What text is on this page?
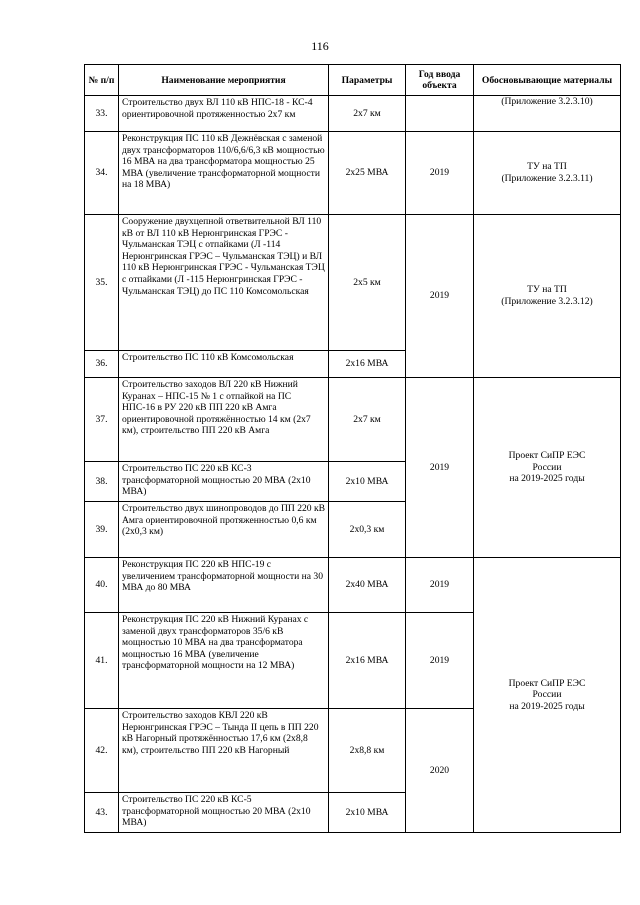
116
№ п/п	Наименование мероприятия	Параметры	Год ввода объекта	Обосновывающие материалы
33.	Строительство двух ВЛ 110 кВ НПС-18 - КС-4 ориентировочной протяженностью 2х7 км	2х7 км		(Приложение 3.2.3.10)
34.	Реконструкция ПС 110 кВ Дежнёвская с заменой двух трансформаторов 110/6,6/6,3 кВ мощностью 16 МВА на два трансформатора мощностью 25 МВА (увеличение трансформаторной мощности на 18 МВА)	2х25 МВА	2019	ТУ на ТП
(Приложение 3.2.3.11)

35.	Сооружение двухцепной ответвительной ВЛ 110 кВ от ВЛ 110 кВ Нерюнгринская ГРЭС - Чульманская ТЭЦ с отпайками (Л -114 Нерюнгринская ГРЭС – Чульманская ТЭЦ) и ВЛ 110 кВ Нерюнгринская ГРЭС - Чульманская ТЭЦ с отпайками (Л -115 Нерюнгринская ГРЭС - Чульманская ТЭЦ) до ПС 110 Комсомольская	2х5 км	2019	ТУ на ТП
(Приложение 3.2.3.12)

36.	Строительство ПС 110 кВ Комсомольская	2х16 МВА		
37.	Строительство заходов ВЛ 220 кВ Нижний Куранах – НПС-15 № 1 с отпайкой на ПС НПС-16 в РУ 220 кВ ПП 220 кВ Амга ориентировочной протяжённостью 14 км (2х7 км), строительство ПП 220 кВ Амга	2х7 км	2019	Проект СиПР ЕЭС
России
на 2019-2025 годы

38.	Строительство ПС 220 кВ КС-3 трансформаторной мощностью 20 МВА (2х10 МВА)	2х10 МВА		
39.	Строительство двух шинопроводов до ПП 220 кВ Амга ориентировочной протяженностью 0,6 км (2х0,3 км)	2х0,3 км		
40.	Реконструкция ПС 220 кВ НПС-19 с увеличением трансформаторной мощности на 30 МВА до 80 МВА	2х40 МВА	2019	Проект СиПР ЕЭС
России
на 2019-2025 годы

41.	Реконструкция ПС 220 кВ Нижний Куранах с заменой двух трансформаторов 35/6 кВ мощностью 10 МВА на два трансформатора мощностью 16 МВА (увеличение трансформаторной мощности на 12 МВА)	2х16 МВА	2019	
42.	Строительство заходов КВЛ 220 кВ Нерюнгринская ГРЭС – Тында II цепь в ПП 220 кВ Нагорный протяжённостью 17,6 км (2х8,8 км), строительство ПП 220 кВ Нагорный	2х8,8 км	2020	
43.	Строительство ПС 220 кВ КС-5 трансформаторной мощностью 20 МВА (2х10 МВА)	2х10 МВА		
